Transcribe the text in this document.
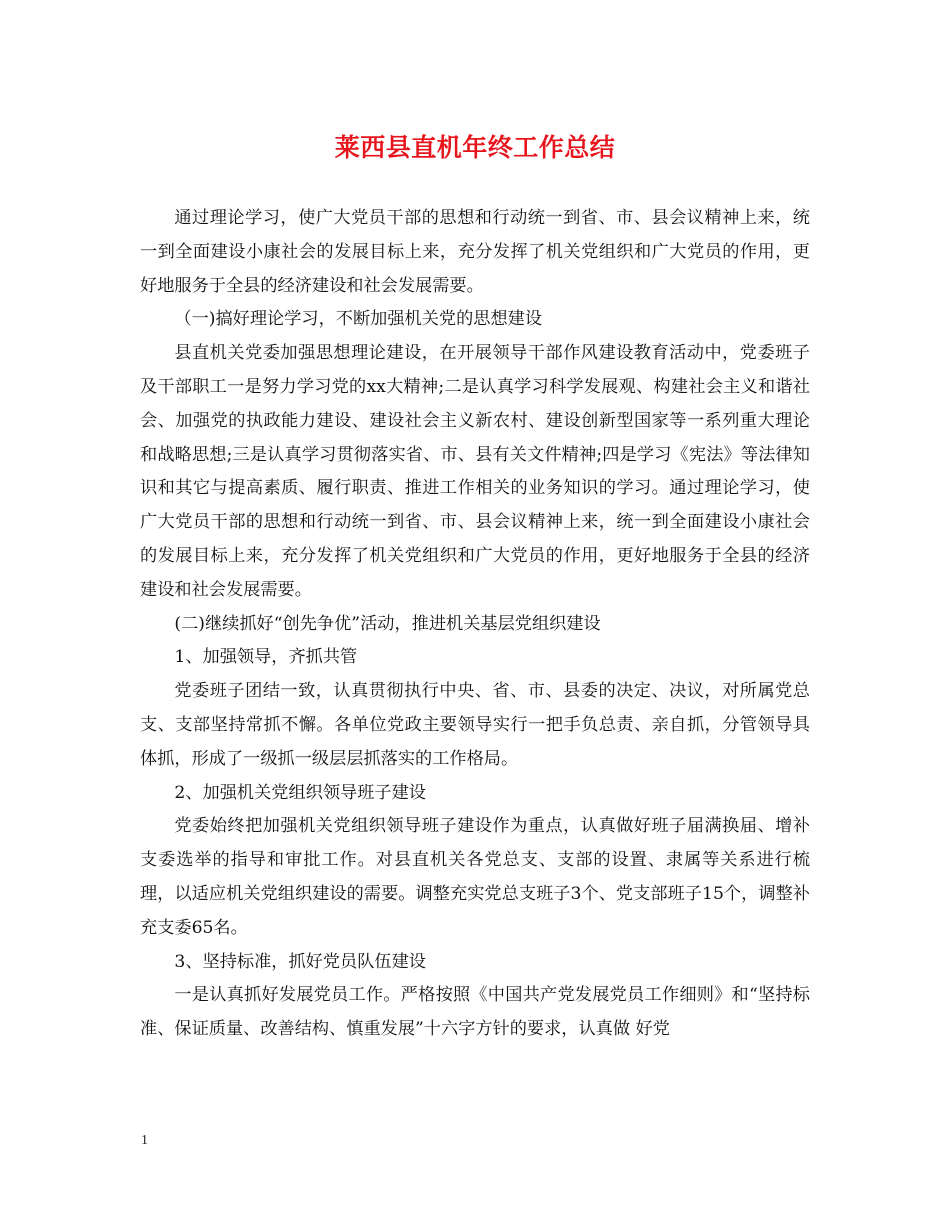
莱西县直机年终工作总结

通过理论学习，使广大党员干部的思想和行动统一到省、市、县会议精神上来，统一到全面建设小康社会的发展目标上来，充分发挥了机关党组织和广大党员的作用，更好地服务于全县的经济建设和社会发展需要。

（一)搞好理论学习，不断加强机关党的思想建设

县直机关党委加强思想理论建设，在开展领导干部作风建设教育活动中，党委班子及干部职工一是努力学习党的xx大精神;二是认真学习科学发展观、构建社会主义和谐社会、加强党的执政能力建设、建设社会主义新农村、建设创新型国家等一系列重大理论和战略思想;三是认真学习贯彻落实省、市、县有关文件精神;四是学习《宪法》等法律知识和其它与提高素质、履行职责、推进工作相关的业务知识的学习。通过理论学习，使广大党员干部的思想和行动统一到省、市、县会议精神上来，统一到全面建设小康社会的发展目标上来，充分发挥了机关党组织和广大党员的作用，更好地服务于全县的经济建设和社会发展需要。

(二)继续抓好“创先争优”活动，推进机关基层党组织建设

1、加强领导，齐抓共管

党委班子团结一致，认真贯彻执行中央、省、市、县委的决定、决议，对所属党总支、支部坚持常抓不懈。各单位党政主要领导实行一把手负总责、亲自抓，分管领导具体抓，形成了一级抓一级层层抓落实的工作格局。

2、加强机关党组织领导班子建设

党委始终把加强机关党组织领导班子建设作为重点，认真做好班子届满换届、增补支委选举的指导和审批工作。对县直机关各党总支、支部的设置、隶属等关系进行梳理，以适应机关党组织建设的需要。调整充实党总支班子3个、党支部班子15个，调整补充支委65名。

3、坚持标准，抓好党员队伍建设

一是认真抓好发展党员工作。严格按照《中国共产党发展党员工作细则》和“坚持标准、保证质量、改善结构、慎重发展”十六字方针的要求，认真做 好党

1
